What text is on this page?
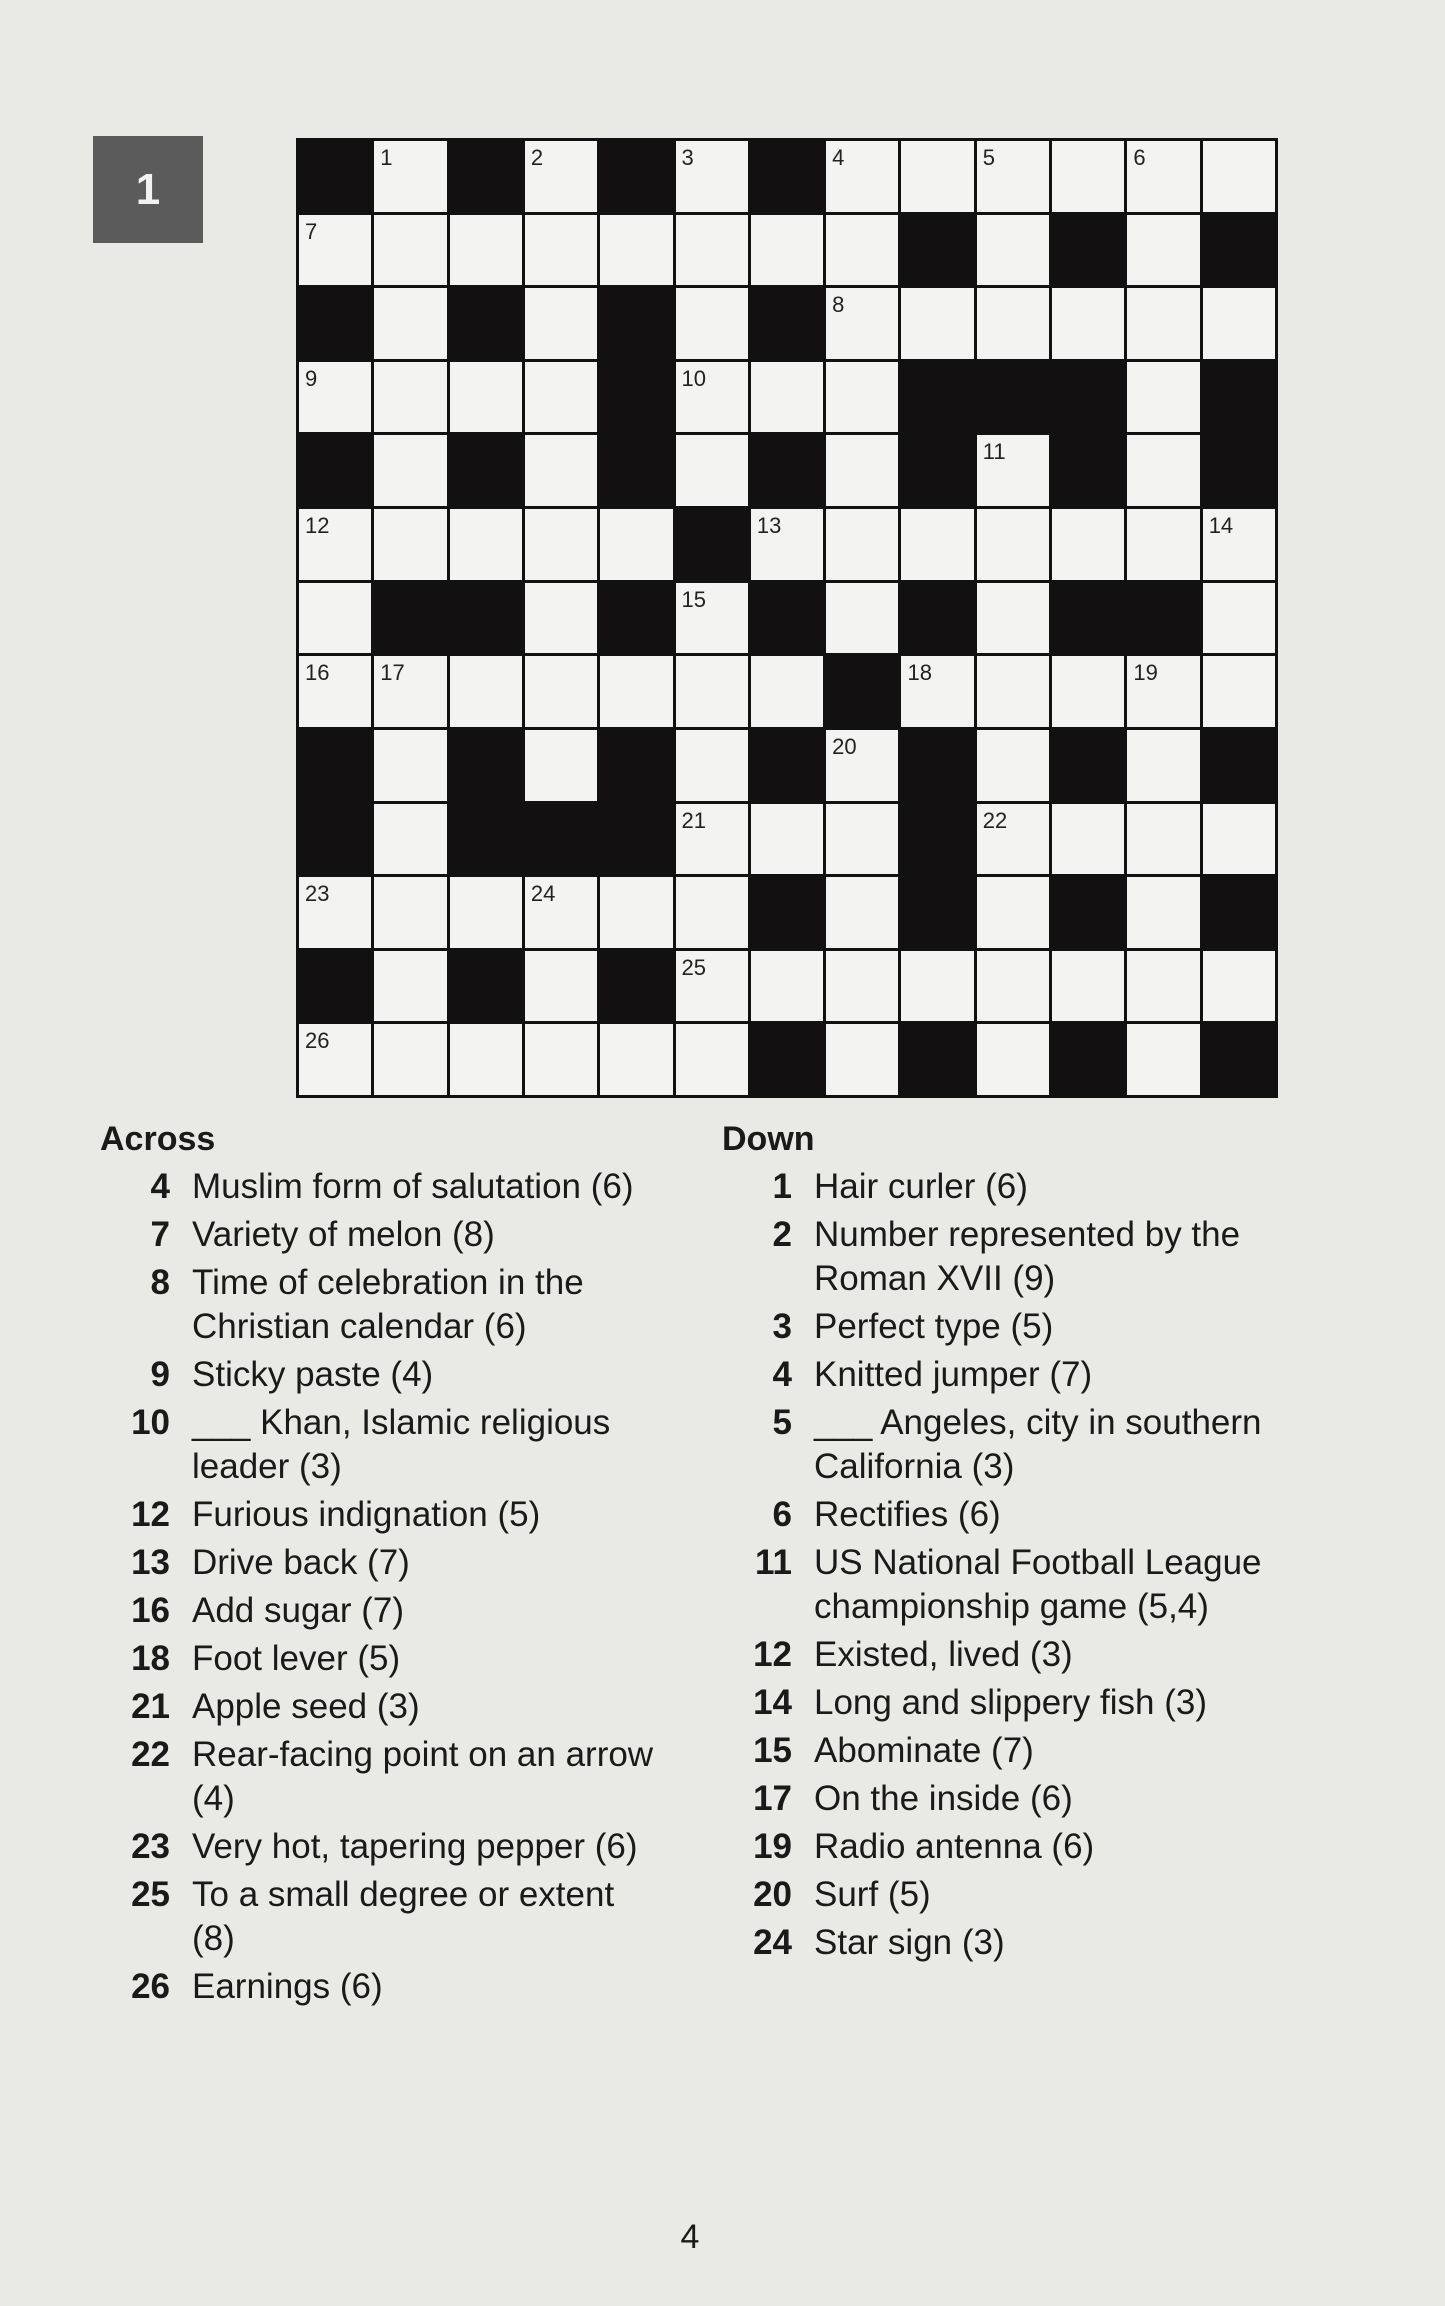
1
1	2	3	4	5	6
7
8
9	10
11
12	13	14
15
16 17	18	19
20
21	22
23	24
25
26
Across
4 Muslim form of salutation (6)
7 Variety of melon (8)
8 Time of celebration in the Christian calendar (6)
9 Sticky paste (4)
10 ___ Khan, Islamic religious leader (3)
12 Furious indignation (5)
13 Drive back (7)
16 Add sugar (7)
18 Foot lever (5)
21 Apple seed (3)
22 Rear-facing point on an arrow (4)
23 Very hot, tapering pepper (6)
25 To a small degree or extent (8)
26 Earnings (6)
Down
1 Hair curler (6)
2 Number represented by the Roman XVII (9)
3 Perfect type (5)
4 Knitted jumper (7)
5 ___ Angeles, city in southern California (3)
6 Rectifies (6)
11 US National Football League championship game (5,4)
12 Existed, lived (3)
14 Long and slippery fish (3)
15 Abominate (7)
17 On the inside (6)
19 Radio antenna (6)
20 Surf (5)
24 Star sign (3)
4
